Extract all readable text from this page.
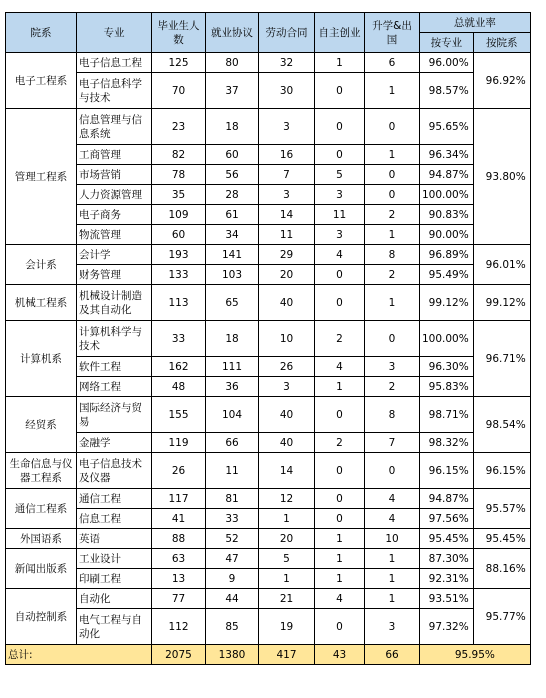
院系	专业	毕业生人数	就业协议	劳动合同	自主创业	升学&出国	总就业率	
							按专业	按院系
电子工程系	电子信息工程	125	80	32	1	6	96.00%	96.92%
	电子信息科学与技术	70	37	30	0	1	98.57%	
管理工程系	信息管理与信息系统	23	18	3	0	0	95.65%	93.80%
	工商管理	82	60	16	0	1	96.34%	
	市场营销	78	56	7	5	0	94.87%	
	人力资源管理	35	28	3	3	0	100.00%	
	电子商务	109	61	14	11	2	90.83%	
	物流管理	60	34	11	3	1	90.00%	
会计系	会计学	193	141	29	4	8	96.89%	96.01%
	财务管理	133	103	20	0	2	95.49%	
机械工程系	机械设计制造及其自动化	113	65	40	0	1	99.12%	99.12%
计算机系	计算机科学与技术	33	18	10	2	0	100.00%	96.71%
	软件工程	162	111	26	4	3	96.30%	
	网络工程	48	36	3	1	2	95.83%	
经贸系	国际经济与贸易	155	104	40	0	8	98.71%	98.54%
	金融学	119	66	40	2	7	98.32%	
生命信息与仪器工程系	电子信息技术及仪器	26	11	14	0	0	96.15%	96.15%
通信工程系	通信工程	117	81	12	0	4	94.87%	95.57%
	信息工程	41	33	1	0	4	97.56%	
外国语系	英语	88	52	20	1	10	95.45%	95.45%
新闻出版系	工业设计	63	47	5	1	1	87.30%	88.16%
	印刷工程	13	9	1	1	1	92.31%	
自动控制系	自动化	77	44	21	4	1	93.51%	95.77%
	电气工程与自动化	112	85	19	0	3	97.32%	
总计:		2075	1380	417	43	66	95.95%	
